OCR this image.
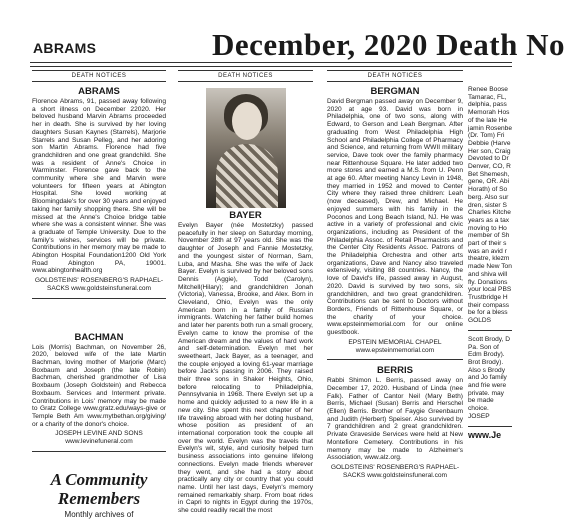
ABRAMS	December, 2020 Death No
DEATH NOTICES
ABRAMS
Florence Abrams, 91, passed away following a short illness on December 22020. Her beloved husband Marvin Abrams proceeded her in death. She is survived by her loving daughters Susan Kaynes (Starrels), Marjorie Starrels and Susan Pelleg, and her adoring son Martin Abrams. Florence had five grandchildren and one great grandchild. She was a resident of Anne's Choice in Warminster. Florence gave back to the community where she and Marvin were volunteers for fifteen years at Abington Hospital. She loved working at Bloomingdale's for over 30 years and enjoyed taking her family shopping there. She will be missed at the Anne's Choice bridge table where she was a consistent winner. She was a graduate of Temple University. Due to the family's wishes, services will be private. Contributions in her memory may be made to Abington Hospital Foundation1200 Old York Road Abington PA, 19001. www.abingtonhealth.org
GOLDSTEINS' ROSENBERG'S RAPHAEL-SACKS www.goldsteinsfuneral.com
BACHMAN
Lois (Morris) Bachman, on November 26, 2020, beloved wife of the late Martin Bachman, loving mother of Marjorie (Marc) Boxbaum and Joseph (the late Robin) Bachman, cherished grandmother of Lisa Boxbaum (Joseph Goldstein) and Rebecca Boxbaum. Services and Interment private. Contributions in Lois' memory may be made to Gratz College www.gratz.edu/ways-give or Temple Beth Am www.mytbethan.org/giving/ or a charity of the donor's choice.
JOSEPH LEVINE AND SONS www.levinefuneral.com
A Community Remembers
Monthly archives of
DEATH NOTICES
BAYER
Evelyn Bayer (née Mostetzky) passed peacefully in her sleep on Saturday morning, November 28th at 97 years old. She was the daughter of Joseph and Fannie Mostetzky, and the youngest sister of Norman, Sam, Luba, and Masha. She was the wife of Jack Bayer. Evelyn is survived by her beloved sons Dennis (Aggie), Todd (Carolyn), Mitchell(Hilary); and grandchildren Jonah (Victoria), Vanessa, Brooke, and Alex. Born in Cleveland, Ohio, Evelyn was the only American born in a family of Russian immigrants. Watching her father build homes and later her parents both run a small grocery, Evelyn came to know the promise of the American dream and the values of hard work and self-determination. Evelyn met her sweetheart, Jack Bayer, as a teenager, and the couple enjoyed a loving 61-year marriage before Jack's passing in 2006. They raised their three sons in Shaker Heights, Ohio, before relocating to Philadelphia, Pennsylvania in 1968. There Evelyn set up a home and quickly adjusted to a new life in a new city. She spent this next chapter of her life traveling abroad with her doting husband, whose position as president of an international corporation took the couple all over the world. Evelyn was the travels that Evelyn's wit, style, and curiosity helped turn business associations into genuine lifelong connections. Evelyn made friends wherever they went, and she had a story about practically any city or country that you could name. Until her last days, Evelyn's memory remained remarkably sharp. From boat rides in Capri to nights in Egypt during the 1970s, she could readily recall the most
DEATH NOTICES
BERGMAN
David Bergman passed away on December 9, 2020 at age 93. David was born in Philadelphia, one of two sons, along with Edward, to Gerson and Leah Bergman. After graduating from West Philadelphia High School and Philadelphia College of Pharmacy and Science, and returning from WWII military service, Dave took over the family pharmacy near Rittenhouse Square. He later added two more stores and earned a M.S. from U. Penn at age 60. After meeting Nancy Levin in 1948, they married in 1952 and moved to Center City where they raised three children: Leah (now deceased), Drew, and Michael. He enjoyed summers with his family in the Poconos and Long Beach Island, NJ. He was active in a variety of professional and civic organizations, including as President of the Philadelphia Assoc. of Retail Pharmacists and the Center City Residents Assoc. Patrons of the Philadelphia Orchestra and other arts organizations, Dave and Nancy also traveled extensively, visiting 88 countries. Nancy, the love of David's life, passed away in August, 2020. David is survived by two sons, six grandchildren, and two great grandchildren. Contributions can be sent to Doctors without Borders, Friends of Rittenhouse Square, or the charity of your choice. www.epsteinmemorial.com for our online guestbook.
EPSTEIN MEMORIAL CHAPEL www.epsteinmemorial.com
BERRIS
Rabbi Shimon L. Berris, passed away on December 17, 2020. Husband of Linda (nee Falk). Father of Cantor Neil (Mary Beth) Berris, Michael (Susan) Berris and Herschel (Ellen) Berris. Brother of Faygie Greenbaum and Judith (Herbert) Speiser. Also survived by 7 grandchildren and 2 great grandchildren. Private Graveside Services were held at New Montefiore Cemetery. Contributions in his memory may be made to Alzheimer's Association, www.alz.org.
GOLDSTEINS' ROSENBERG'S RAPHAEL-SACKS www.goldsteinsfuneral.com
Renee Boose Tamarac, FL, delphia, pass Memorah Hos of the late He jamin Rosenbe (Dr. Tom) Fri Debbie (Harve Her son, Craig Devoted to Dr Denver, CO, R Bet Shemesh, gene, OR. Abi Horath) of So berg. Also sur dren, sister S Charles Kitche years as a tax moving to Ho member of Sh part of their s was an avid r theatre, klezm made New Ton and shiva will fly. Donations your local PBS Trustbridge H their compass be for a bless
GOLDS
Scott Brody, D Pa. Son of Edm Brody). Brot Brody). Also s Brody and Jo family and frie were private. may be made choice.
JOSEP
www.Je
